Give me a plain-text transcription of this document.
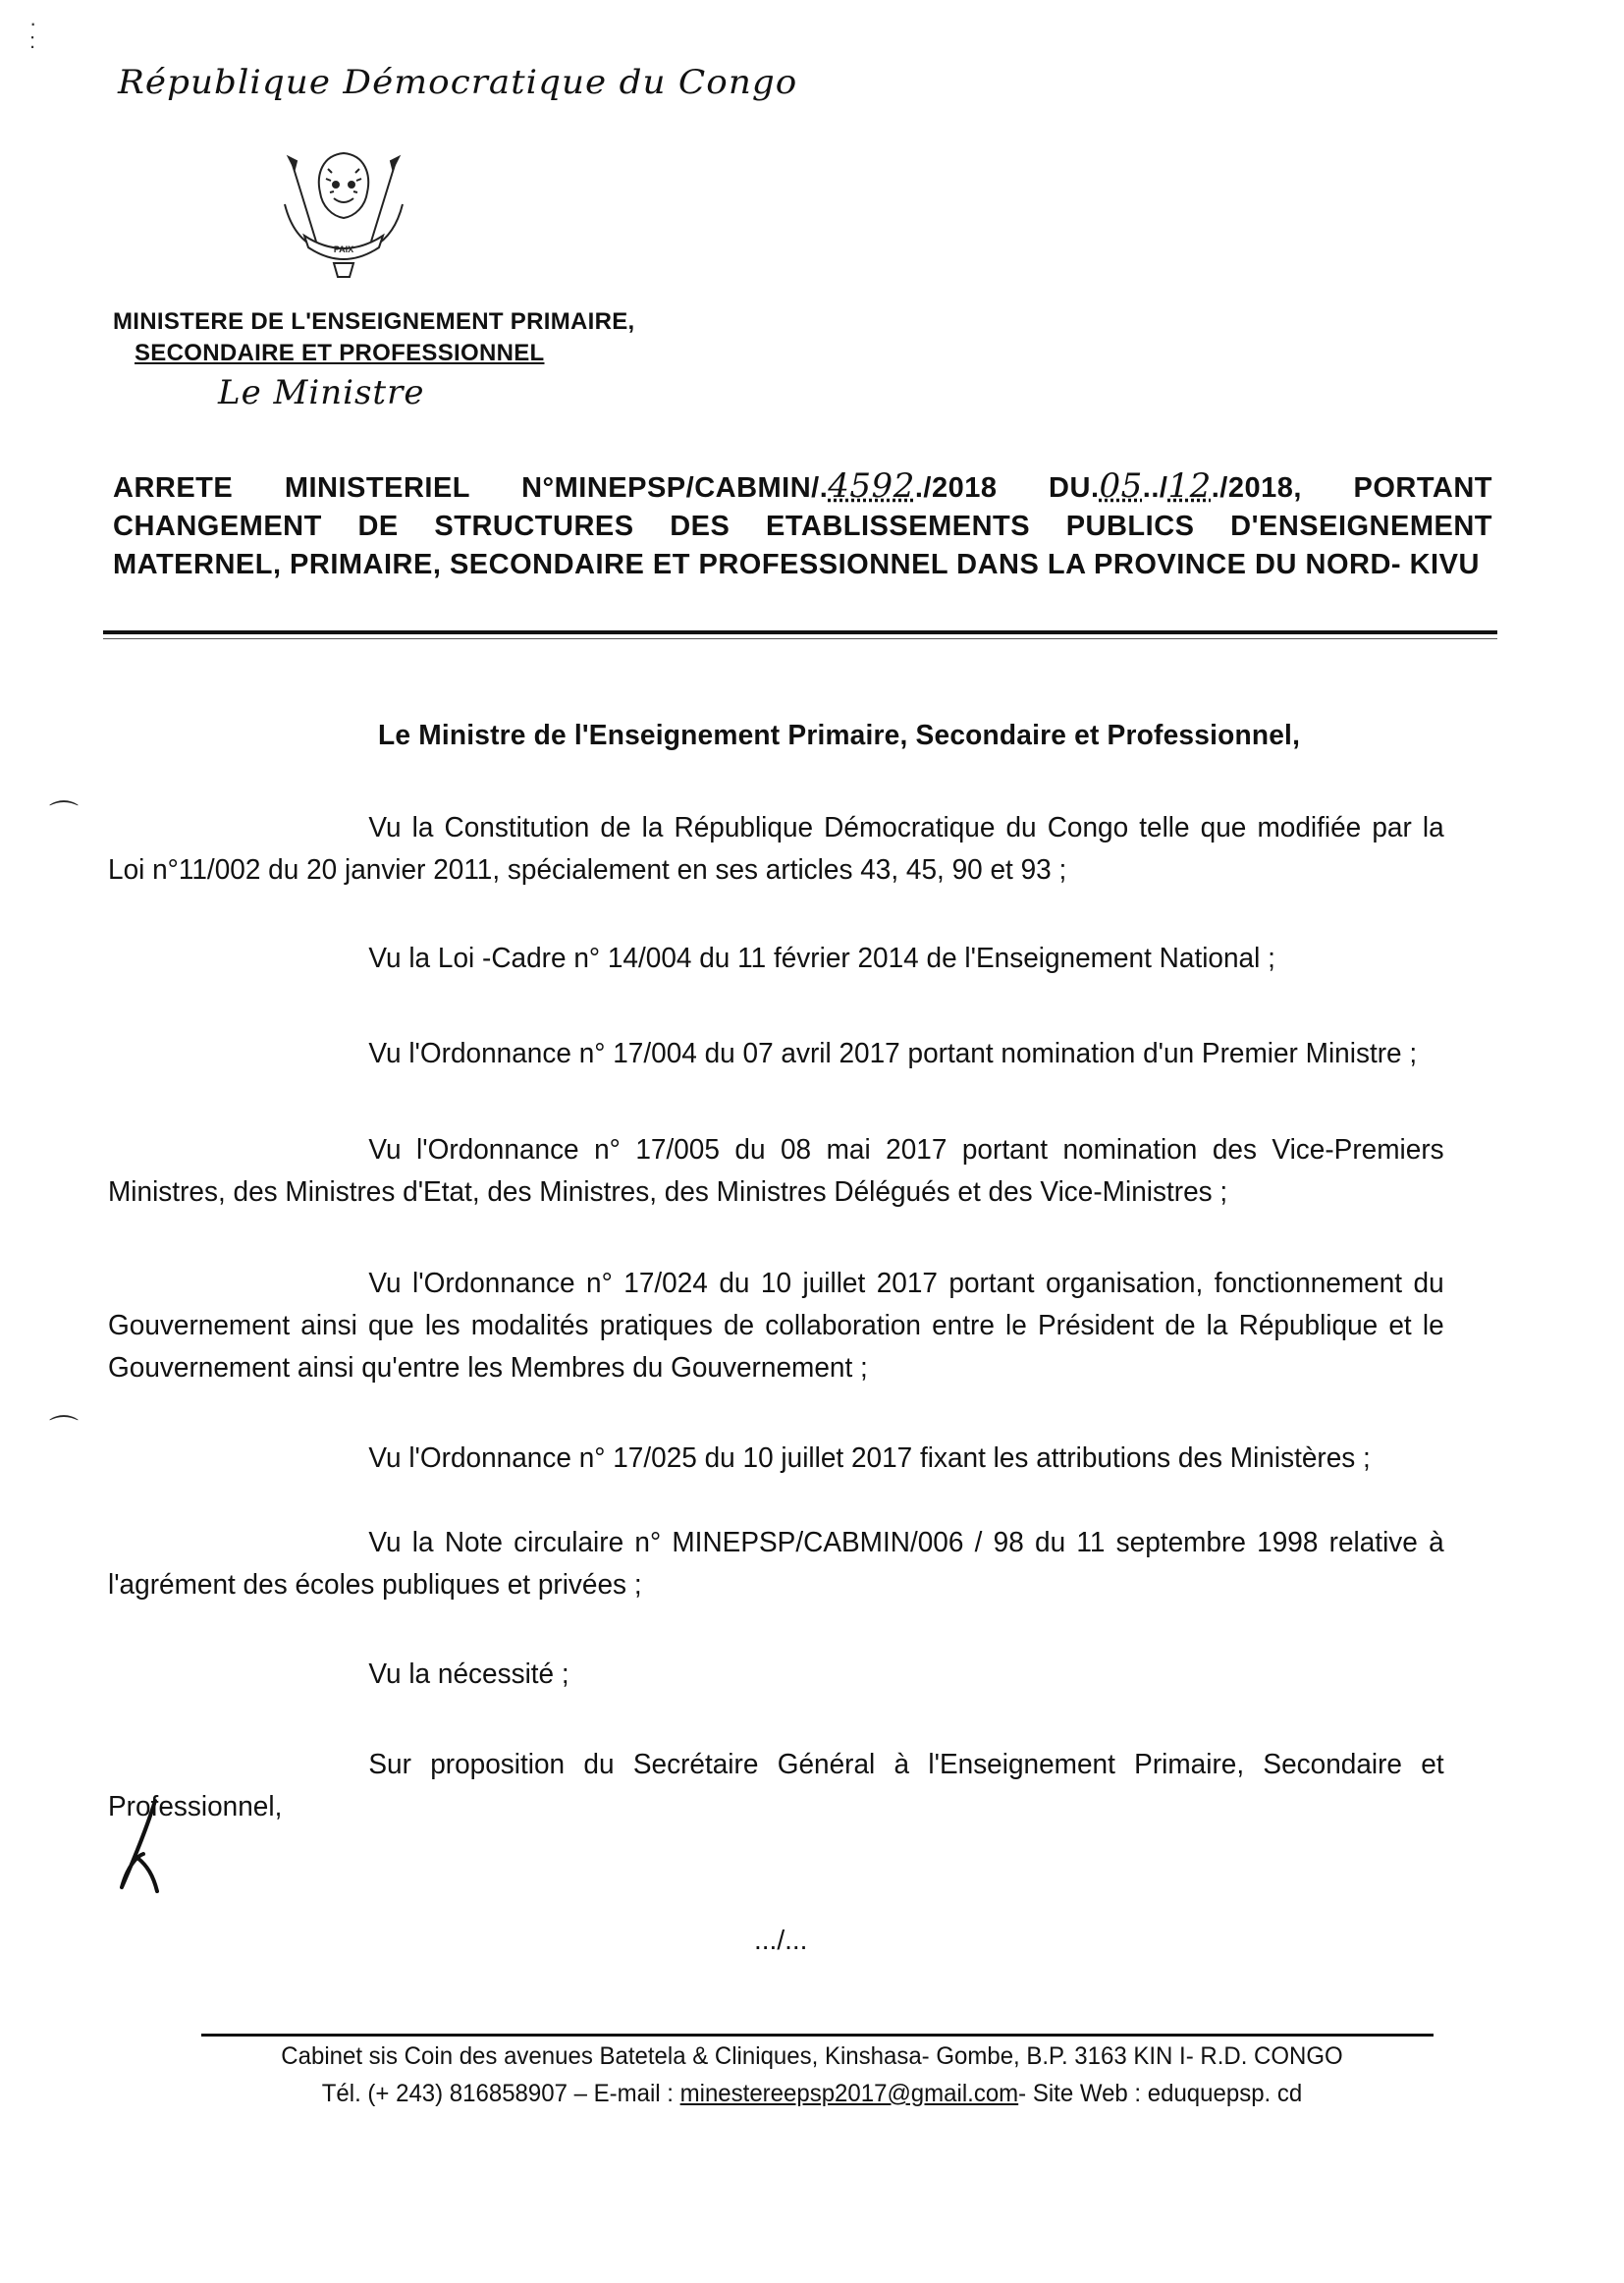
·
:
République Démocratique du Congo
PAIX
MINISTERE DE L'ENSEIGNEMENT PRIMAIRE,
SECONDAIRE ET PROFESSIONNEL
Le Ministre
ARRETE MINISTERIEL N°MINEPSP/CABMIN/.4592./2018 DU.05../12./2018, PORTANT CHANGEMENT DE STRUCTURES DES ETABLISSEMENTS PUBLICS D'ENSEIGNEMENT MATERNEL, PRIMAIRE, SECONDAIRE ET PROFESSIONNEL DANS LA PROVINCE DU NORD- KIVU
Le Ministre de l'Enseignement Primaire, Secondaire et Professionnel,
⌒
⌒

Vu la Constitution de la République Démocratique du Congo telle que modifiée par la Loi n°11/002 du 20 janvier 2011, spécialement en ses articles 43, 45, 90 et 93 ;

Vu la Loi -Cadre n° 14/004 du 11 février 2014 de l'Enseignement National ;

Vu l'Ordonnance n° 17/004 du 07 avril 2017 portant nomination d'un Premier Ministre ;

Vu l'Ordonnance n° 17/005 du 08 mai 2017 portant nomination des Vice-Premiers Ministres, des Ministres d'Etat, des Ministres, des Ministres Délégués et des Vice-Ministres ;

Vu l'Ordonnance n° 17/024 du 10 juillet 2017 portant organisation, fonctionnement du Gouvernement ainsi que les modalités pratiques de collaboration entre le Président de la République et le Gouvernement ainsi qu'entre les Membres du Gouvernement ;

Vu l'Ordonnance n° 17/025 du 10 juillet 2017 fixant les attributions des Ministères ;

Vu la Note circulaire n° MINEPSP/CABMIN/006 / 98 du 11 septembre 1998 relative à l'agrément des écoles publiques et privées ;

Vu la nécessité ;

Sur proposition du Secrétaire Général à l'Enseignement Primaire, Secondaire et Professionnel,

.../...
Cabinet sis Coin des avenues Batetela & Cliniques, Kinshasa- Gombe, B.P. 3163 KIN I- R.D. CONGO
Tél. (+ 243) 816858907 – E-mail : minestereepsp2017@gmail.com- Site Web : eduquepsp. cd
